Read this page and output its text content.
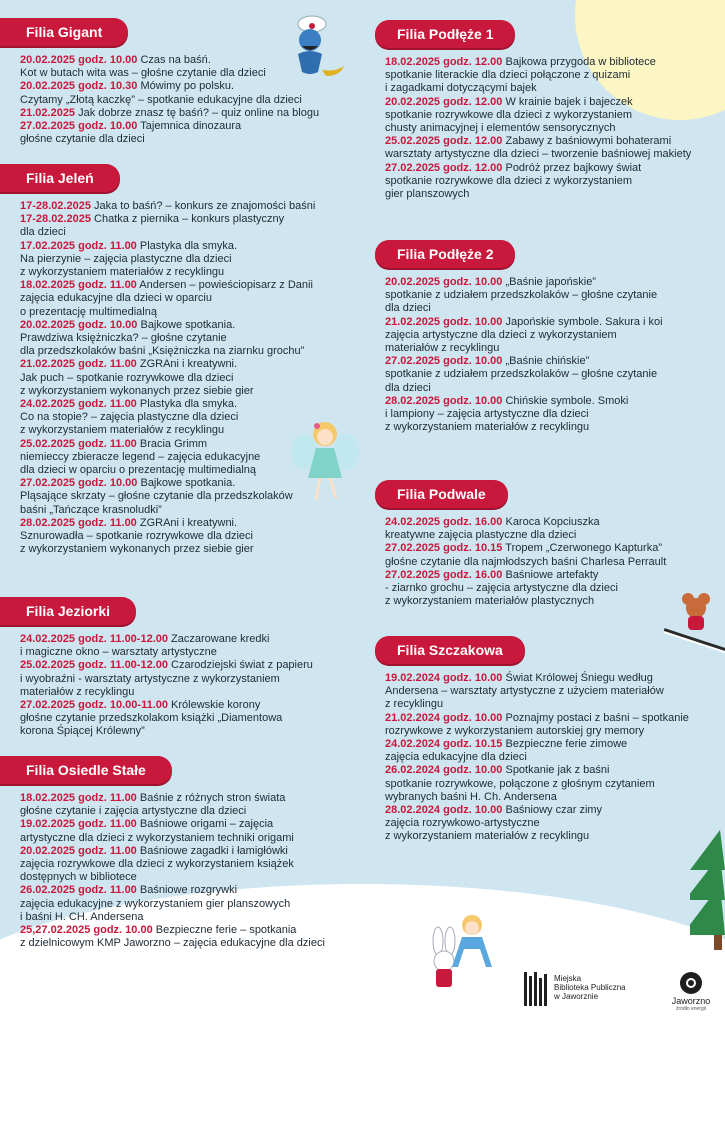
Filia Gigant

20.02.2025 godz. 10.00 Czas na baśń.
Kot w butach wita was – głośne czytanie dla dzieci

20.02.2025 godz. 10.30 Mówimy po polsku.
Czytamy „Złotą kaczkę” – spotkanie edukacyjne dla dzieci

21.02.2025 Jak dobrze znasz tę baśń? – quiz online na blogu

27.02.2025 godz. 10.00 Tajemnica dinozaura
głośne czytanie dla dzieci

Filia Jeleń

17-28.02.2025 Jaka to baśń? – konkurs ze znajomości baśni

17-28.02.2025 Chatka z piernika – konkurs plastyczny
dla dzieci

17.02.2025 godz. 11.00 Plastyka dla smyka.
Na pierzynie – zajęcia plastyczne dla dzieci
z wykorzystaniem materiałów z recyklingu

18.02.2025 godz. 11.00 Andersen – powieściopisarz z Danii
zajęcia edukacyjne dla dzieci w oparciu
o prezentację multimedialną

20.02.2025 godz. 10.00 Bajkowe spotkania.
Prawdziwa księżniczka? – głośne czytanie
dla przedszkolaków baśni „Księżniczka na ziarnku grochu”

21.02.2025 godz. 11.00 ZGRAni i kreatywni.
Jak puch – spotkanie rozrywkowe dla dzieci
z wykorzystaniem wykonanych przez siebie gier

24.02.2025 godz. 11.00 Plastyka dla smyka.
Co na stopie? – zajęcia plastyczne dla dzieci
z wykorzystaniem materiałów z recyklingu

25.02.2025 godz. 11.00 Bracia Grimm
niemieccy zbieracze legend – zajęcia edukacyjne
dla dzieci w oparciu o prezentację multimedialną

27.02.2025 godz. 10.00 Bajkowe spotkania.
Pląsające skrzaty – głośne czytanie dla przedszkolaków
baśni „Tańczące krasnoludki”

28.02.2025 godz. 11.00 ZGRAni i kreatywni.
Sznurowadła – spotkanie rozrywkowe dla dzieci
z wykorzystaniem wykonanych przez siebie gier

Filia Jeziorki

24.02.2025 godz. 11.00-12.00 Zaczarowane kredki
i magiczne okno – warsztaty artystyczne

25.02.2025 godz. 11.00-12.00 Czarodziejski świat z papieru
i wyobraźni - warsztaty artystyczne z wykorzystaniem
materiałów z recyklingu

27.02.2025 godz. 10.00-11.00 Królewskie korony
głośne czytanie przedszkolakom książki „Diamentowa
korona Śpiącej Królewny”

Filia Osiedle Stałe

18.02.2025 godz. 11.00 Baśnie z różnych stron świata
głośne czytanie i zajęcia artystyczne dla dzieci

19.02.2025 godz. 11.00 Baśniowe origami – zajęcia
artystyczne dla dzieci z wykorzystaniem techniki origami

20.02.2025 godz. 11.00 Baśniowe zagadki i łamigłówki
zajęcia rozrywkowe dla dzieci z wykorzystaniem książek
dostępnych w bibliotece

26.02.2025 godz. 11.00 Baśniowe rozgrywki
zajęcia edukacyjne z wykorzystaniem gier planszowych
i baśni H. CH. Andersena

25,27.02.2025 godz. 10.00 Bezpieczne ferie – spotkania
z dzielnicowym KMP Jaworzno – zajęcia edukacyjne dla dzieci

Filia Podłęże 1

18.02.2025 godz. 12.00 Bajkowa przygoda w bibliotece
spotkanie literackie dla dzieci połączone z quizami
i zagadkami dotyczącymi bajek

20.02.2025 godz. 12.00 W krainie bajek i bajeczek
spotkanie rozrywkowe dla dzieci z wykorzystaniem
chusty animacyjnej i elementów sensorycznych

25.02.2025 godz. 12.00 Zabawy z baśniowymi bohaterami
warsztaty artystyczne dla dzieci – tworzenie baśniowej makiety

27.02.2025 godz. 12.00 Podróż przez bajkowy świat
spotkanie rozrywkowe dla dzieci z wykorzystaniem
gier planszowych

Filia Podłęże 2

20.02.2025 godz. 10.00 „Baśnie japońskie”
spotkanie z udziałem przedszkolaków – głośne czytanie
dla dzieci

21.02.2025 godz. 10.00 Japońskie symbole. Sakura i koi
zajęcia artystyczne dla dzieci z wykorzystaniem
materiałów z recyklingu

27.02.2025 godz. 10.00 „Baśnie chińskie”
spotkanie z udziałem przedszkolaków – głośne czytanie
dla dzieci

28.02.2025 godz. 10.00 Chińskie symbole. Smoki
i lampiony – zajęcia artystyczne dla dzieci
z wykorzystaniem materiałów z recyklingu

Filia Podwale

24.02.2025 godz. 16.00 Karoca Kopciuszka
kreatywne zajęcia plastyczne dla dzieci

27.02.2025 godz. 10.15 Tropem „Czerwonego Kapturka”
głośne czytanie dla najmłodszych baśni Charlesa Perrault

27.02.2025 godz. 16.00 Baśniowe artefakty
- ziarnko grochu – zajęcia artystyczne dla dzieci
z wykorzystaniem materiałów plastycznych

Filia Szczakowa

19.02.2024 godz. 10.00 Świat Królowej Śniegu według
Andersena – warsztaty artystyczne z użyciem materiałów
z recyklingu

21.02.2024 godz. 10.00 Poznajmy postaci z baśni – spotkanie
rozrywkowe z wykorzystaniem autorskiej gry memory

24.02.2024 godz. 10.15 Bezpieczne ferie zimowe
zajęcia edukacyjne dla dzieci

26.02.2024 godz. 10.00 Spotkanie jak z baśni
spotkanie rozrywkowe, połączone z głośnym czytaniem
wybranych baśni H. Ch. Andersena

28.02.2024 godz. 10.00 Baśniowy czar zimy
zajęcia rozrywkowo-artystyczne
z wykorzystaniem materiałów z recyklingu

Miejska
Biblioteka Publiczna
w Jaworznie	Jaworzno
źródło energii
